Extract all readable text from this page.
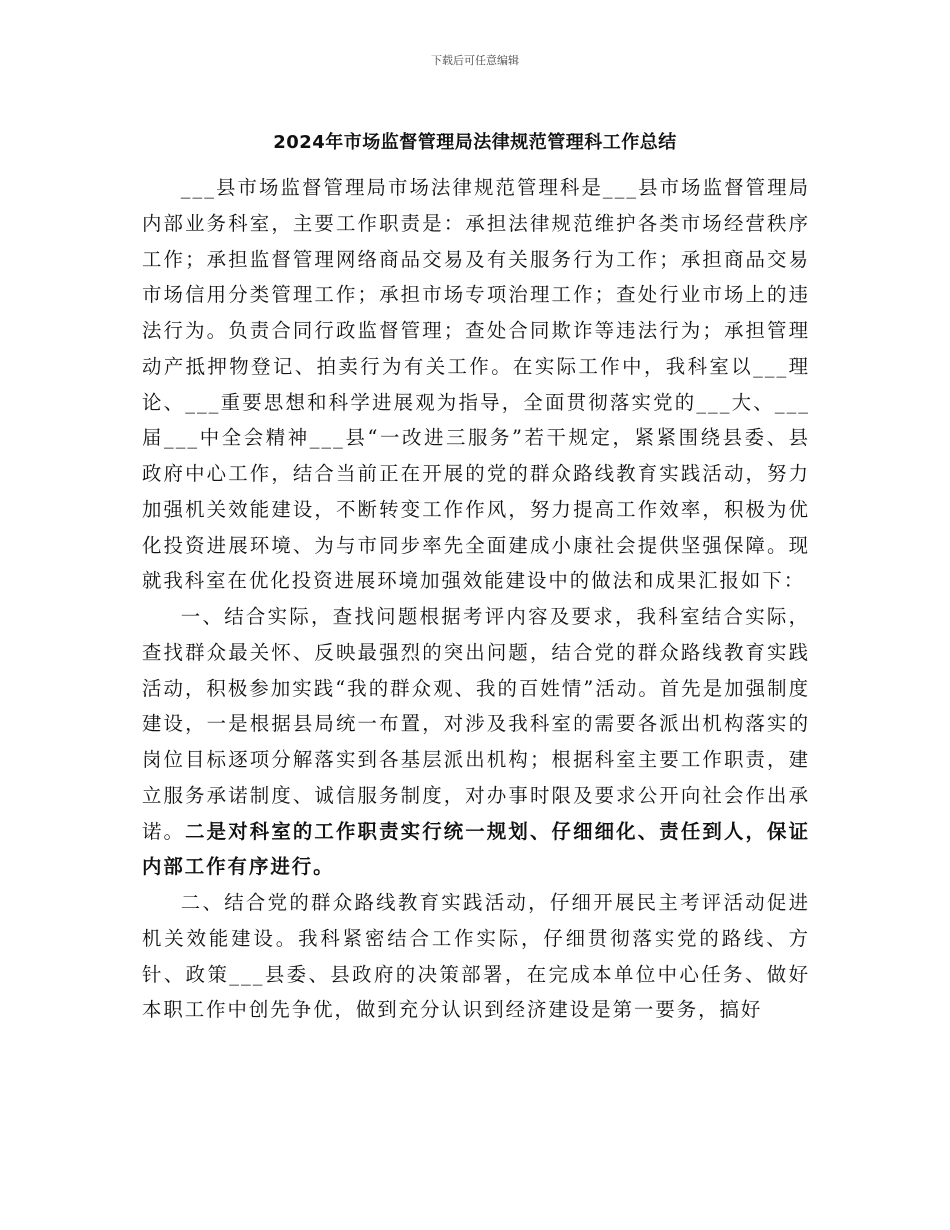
下载后可任意编辑
2024年市场监督管理局法律规范管理科工作总结

___县市场监督管理局市场法律规范管理科是___县市场监督管理局内部业务科室，主要工作职责是：承担法律规范维护各类市场经营秩序工作；承担监督管理网络商品交易及有关服务行为工作；承担商品交易市场信用分类管理工作；承担市场专项治理工作；查处行业市场上的违法行为。负责合同行政监督管理；查处合同欺诈等违法行为；承担管理动产抵押物登记、拍卖行为有关工作。在实际工作中，我科室以___理论、___重要思想和科学进展观为指导，全面贯彻落实党的___大、___届___中全会精神___县“一改进三服务”若干规定，紧紧围绕县委、县政府中心工作，结合当前正在开展的党的群众路线教育实践活动，努力加强机关效能建设，不断转变工作作风，努力提高工作效率，积极为优化投资进展环境、为与市同步率先全面建成小康社会提供坚强保障。现就我科室在优化投资进展环境加强效能建设中的做法和成果汇报如下：

一、结合实际，查找问题根据考评内容及要求，我科室结合实际，查找群众最关怀、反映最强烈的突出问题，结合党的群众路线教育实践活动，积极参加实践“我的群众观、我的百姓情”活动。首先是加强制度建设，一是根据县局统一布置，对涉及我科室的需要各派出机构落实的岗位目标逐项分解落实到各基层派出机构；根据科室主要工作职责，建立服务承诺制度、诚信服务制度，对办事时限及要求公开向社会作出承诺。二是对科室的工作职责实行统一规划、仔细细化、责任到人，保证内部工作有序进行。

二、结合党的群众路线教育实践活动，仔细开展民主考评活动促进机关效能建设。我科紧密结合工作实际，仔细贯彻落实党的路线、方针、政策___县委、县政府的决策部署，在完成本单位中心任务、做好本职工作中创先争优，做到充分认识到经济建设是第一要务，搞好
